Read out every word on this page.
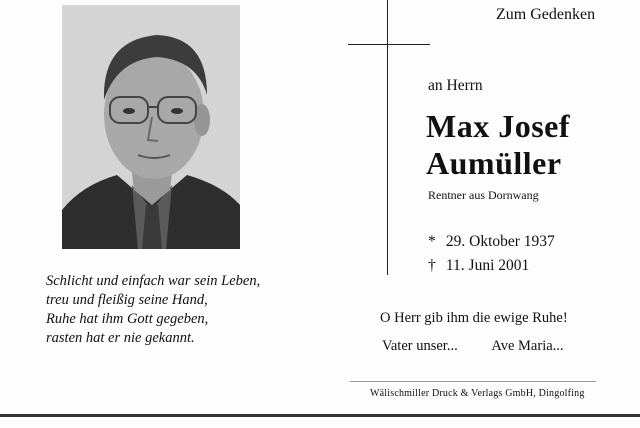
Schlicht und einfach war sein Leben,
treu und fleißig seine Hand,
Ruhe hat ihm Gott gegeben,
rasten hat er nie gekannt.
Zum Gedenken
an Herrn
Max Josef
Aumüller
Rentner aus Dornwang
* 29. Oktober 1937
† 11. Juni 2001
O Herr gib ihm die ewige Ruhe!
Vater unser... Ave Maria...
Wälischmiller Druck & Verlags GmbH, Dingolfing
